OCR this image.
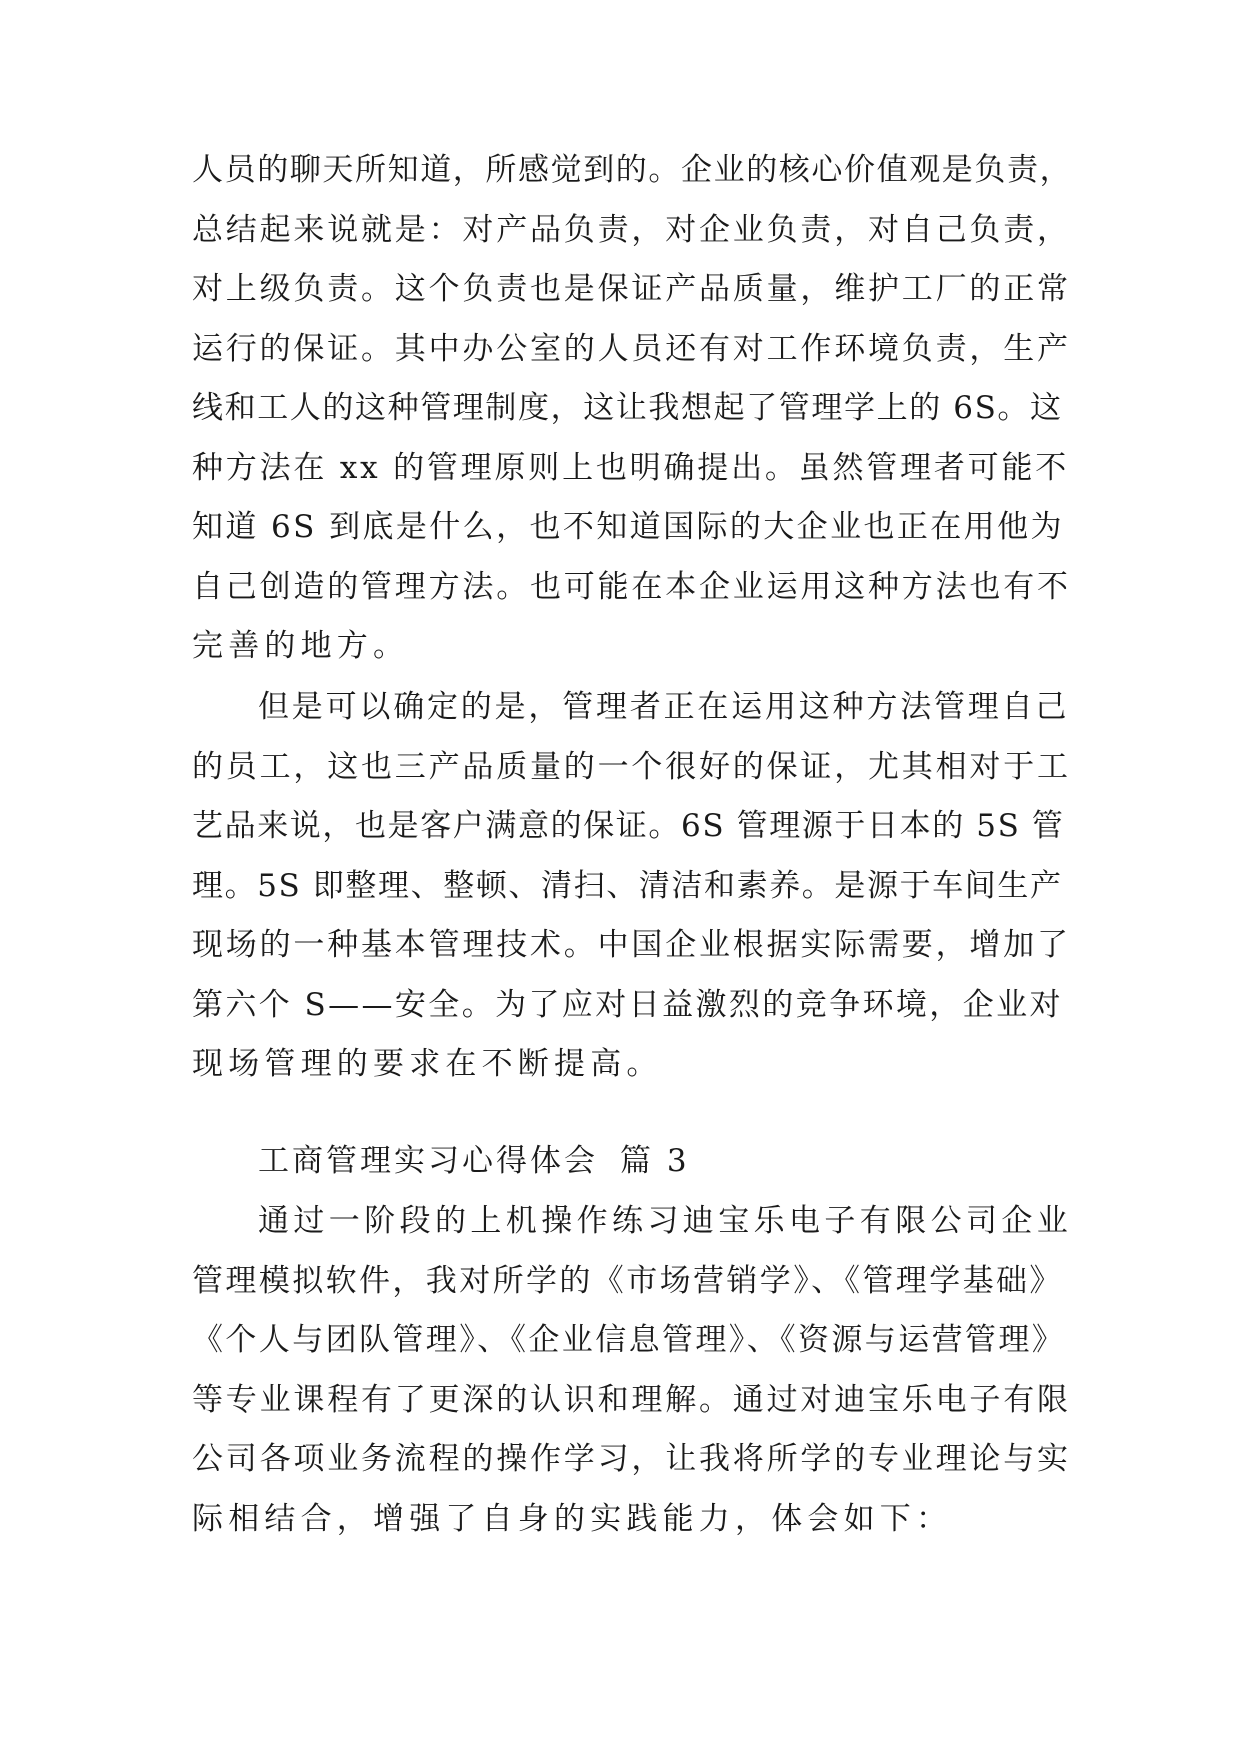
人员的聊天所知道，所感觉到的。企业的核心价值观是负责，
总结起来说就是：对产品负责，对企业负责，对自己负责，
对上级负责。这个负责也是保证产品质量，维护工厂的正常
运行的保证。其中办公室的人员还有对工作环境负责，生产
线和工人的这种管理制度，这让我想起了管理学上的 6S。这
种方法在 xx 的管理原则上也明确提出。虽然管理者可能不
知道 6S 到底是什么，也不知道国际的大企业也正在用他为
自己创造的管理方法。也可能在本企业运用这种方法也有不
完善的地方。

但是可以确定的是，管理者正在运用这种方法管理自己
的员工，这也三产品质量的一个很好的保证，尤其相对于工
艺品来说，也是客户满意的保证。6S 管理源于日本的 5S 管
理。5S 即整理、整顿、清扫、清洁和素养。是源于车间生产
现场的一种基本管理技术。中国企业根据实际需要，增加了
第六个 S——安全。为了应对日益激烈的竞争环境，企业对
现场管理的要求在不断提高。

工商管理实习心得体会 篇 3

通过一阶段的上机操作练习迪宝乐电子有限公司企业
管理模拟软件，我对所学的《市场营销学》、《管理学基础》
《个人与团队管理》、《企业信息管理》、《资源与运营管理》
等专业课程有了更深的认识和理解。通过对迪宝乐电子有限
公司各项业务流程的操作学习，让我将所学的专业理论与实
际相结合，增强了自身的实践能力，体会如下：
